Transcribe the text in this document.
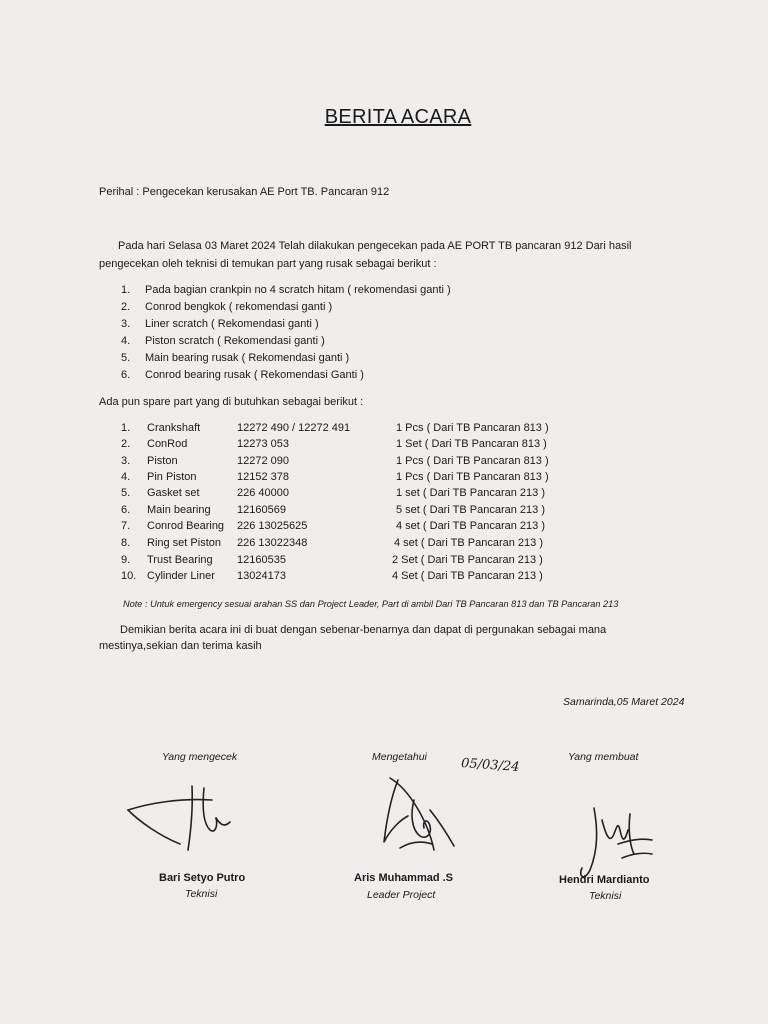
BERITA ACARA
Perihal : Pengecekan kerusakan AE Port TB. Pancaran 912
Pada hari Selasa 03 Maret 2024 Telah dilakukan pengecekan pada AE PORT TB pancaran 912 Dari hasil
pengecekan oleh teknisi di temukan part yang rusak sebagai berikut :
1. Pada bagian crankpin no 4 scratch hitam ( rekomendasi ganti )
2. Conrod bengkok ( rekomendasi ganti )
3. Liner scratch ( Rekomendasi ganti )
4. Piston scratch ( Rekomendasi ganti )
5. Main bearing rusak ( Rekomendasi ganti )
6. Conrod bearing rusak ( Rekomendasi Ganti )
Ada pun spare part yang di butuhkan sebagai berikut :
1. Crankshaft	12272 490 / 12272 491	1 Pcs ( Dari TB Pancaran 813 )
2. ConRod	12273 053	1 Set ( Dari TB Pancaran 813 )
3. Piston	12272 090	1 Pcs ( Dari TB Pancaran 813 )
4. Pin Piston	12152 378	1 Pcs ( Dari TB Pancaran 813 )
5. Gasket set	226 40000	1 set ( Dari TB Pancaran 213 )
6. Main bearing 12160569	5 set ( Dari TB Pancaran 213 )
7. Conrod Bearing 226 13025625	4 set ( Dari TB Pancaran 213 )
8. Ring set Piston 226 13022348	4 set ( Dari TB Pancaran 213 )
9. Trust Bearing 12160535	2 Set ( Dari TB Pancaran 213 )
10. Cylinder Liner 13024173	4 Set ( Dari TB Pancaran 213 )
Note : Untuk emergency sesuai arahan SS dan Project Leader, Part di ambil Dari TB Pancaran 813 dan TB Pancaran 213
Demikian berita acara ini di buat dengan sebenar-benarnya dan dapat di pergunakan sebagai mana
mestinya,sekian dan terima kasih
Samarinda,05 Maret 2024
Yang mengecek
Bari Setyo Putro
Teknisi
Mengetahui	05/03/24
Aris Muhammad .S
Leader Project
Yang membuat
Hendri Mardianto
Teknisi
